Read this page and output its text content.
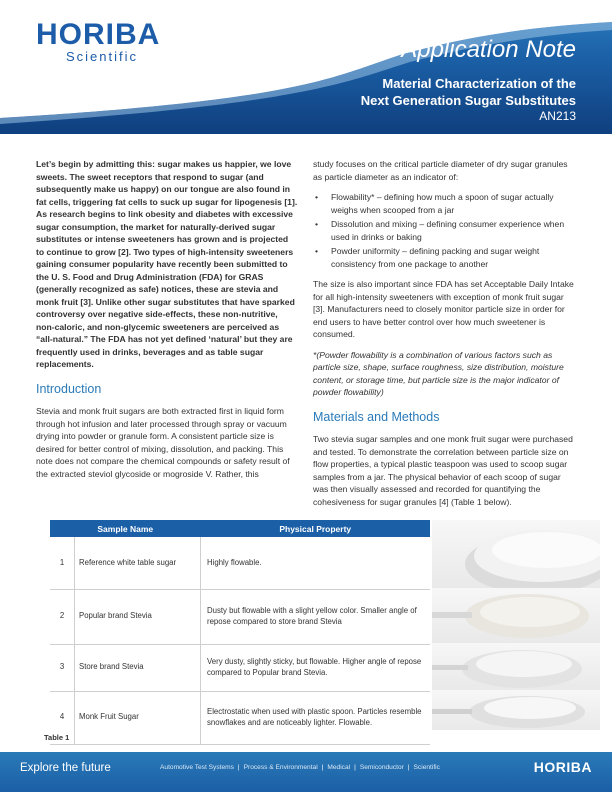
HORIBA
Scientific	Application Note
Material Characterization of the
Next Generation Sugar Substitutes
AN213

Let’s begin by admitting this: sugar makes us happier, we love sweets. The sweet receptors that respond to sugar (and subsequently make us happy) on our tongue are also found in fat cells, triggering fat cells to suck up sugar for lipogenesis [1]. As research begins to link obesity and diabetes with excessive sugar consumption, the market for naturally-derived sugar substitutes or intense sweeteners has grown and is projected to continue to grow [2]. Two types of high-intensity sweeteners gaining consumer popularity have recently been submitted to the U. S. Food and Drug Administration (FDA) for GRAS (generally recognized as safe) notices, these are stevia and monk fruit [3]. Unlike other sugar substitutes that have sparked controversy over negative side-effects, these non-nutritive, non-caloric, and non-glycemic sweeteners are perceived as “all-natural.” The FDA has not yet defined ‘natural’ but they are frequently used in drinks, beverages and as table sugar replacements.

Introduction

Stevia and monk fruit sugars are both extracted first in liquid form through hot infusion and later processed through spray or vacuum drying into powder or granule form. A consistent particle size is desired for better control of mixing, dissolution, and packing. This note does not compare the chemical compounds or safety result of the extracted steviol glycoside or mogroside V. Rather, this

study focuses on the critical particle diameter of dry sugar granules as particle diameter as an indicator of:

• Flowability* – defining how much a spoon of sugar actually weighs when scooped from a jar
• Dissolution and mixing – defining consumer experience when used in drinks or baking
• Powder uniformity – defining packing and sugar weight consistency from one package to another

The size is also important since FDA has set Acceptable Daily Intake for all high-intensity sweeteners with exception of monk fruit sugar [3]. Manufacturers need to closely monitor particle size in order for end users to have better control over how much sweetener is consumed.

*(Powder flowability is a combination of various factors such as particle size, shape, surface roughness, size distribution, moisture content, or storage time, but particle size is the major indicator of powder flowability)

Materials and Methods

Two stevia sugar samples and one monk fruit sugar were purchased and tested. To demonstrate the correlation between particle size on flow properties, a typical plastic teaspoon was used to scoop sugar samples from a jar. The physical behavior of each scoop of sugar was then visually assessed and recorded for quantifying the cohesiveness for sugar granules [4] (Table 1 below).

Sample Name		Physical Property
1	Reference white table sugar	Highly flowable.
2	Popular brand Stevia	Dusty but flowable with a slight yellow color. Smaller angle of repose compared to store brand Stevia
3	Store brand Stevia	Very dusty, slightly sticky, but flowable. Higher angle of repose compared to Popular brand Stevia.
4	Monk Fruit Sugar	Electrostatic when used with plastic spoon. Particles resemble snowflakes and are noticeably lighter. Flowable.
Table 1
Explore the future	Automotive Test Systems | Process & Environmental | Medical | Semiconductor | Scientific	HORIBA
